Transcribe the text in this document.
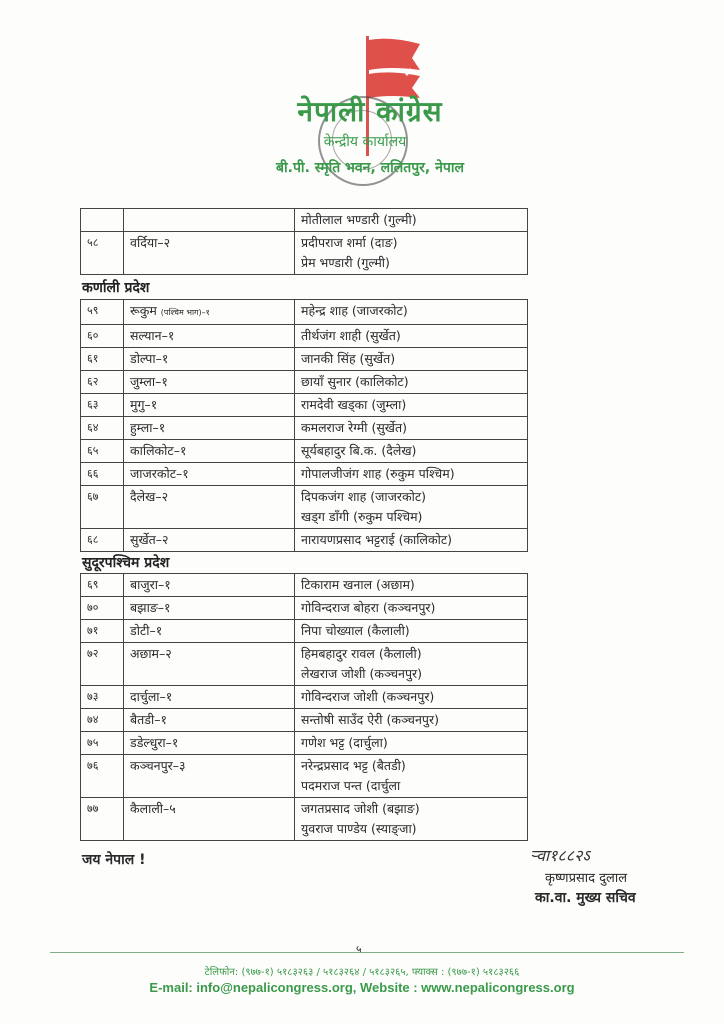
नेपाली कांग्रेस
केन्द्रीय कार्यालय
बी.पी. स्मृति भवन, ललितपुर, नेपाल

		मोतीलाल भण्डारी (गुल्मी)

५८	वर्दिया–२	प्रदीपराज शर्मा (दाङ)
प्रेम भण्डारी (गुल्मी)
कर्णाली प्रदेश
५९	रूकुम (पश्चिम भाग)–१	महेन्द्र शाह (जाजरकोट)

६०	सल्यान–१	तीर्थजंग शाही (सुर्खेत)

६१	डोल्पा–१	जानकी सिंह (सुर्खेत)

६२	जुम्ला–१	छायाँ सुनार (कालिकोट)

६३	मुगु–१	रामदेवी खड्का (जुम्ला)

६४	हुम्ला–१	कमलराज रेग्मी (सुर्खेत)

६५	कालिकोट–१	सूर्यबहादुर बि.क. (दैलेख)

६६	जाजरकोट–१	गोपालजीजंग शाह (रुकुम पश्चिम)

६७	दैलेख–२	दिपकजंग शाह (जाजरकोट)
खड्ग डाँगी (रुकुम पश्चिम)

६८	सुर्खेत–२	नारायणप्रसाद भट्टराई (कालिकोट)
सुदूरपश्चिम प्रदेश
६९	बाजुरा–१	टिकाराम खनाल (अछाम)

७०	बझाङ–१	गोविन्दराज बोहरा (कञ्चनपुर)

७१	डोटी–१	निपा चोख्याल (कैलाली)

७२	अछाम–२	हिमबहादुर रावल (कैलाली)
लेखराज जोशी (कञ्चनपुर)

७३	दार्चुला–१	गोविन्दराज जोशी (कञ्चनपुर)

७४	बैतडी–१	सन्तोषी साउँद ऐरी (कञ्चनपुर)

७५	डडेल्धुरा–१	गणेश भट्ट (दार्चुला)

७६	कञ्चनपुर–३	नरेन्द्रप्रसाद भट्ट (बैतडी)
पदमराज पन्त (दार्चुला

७७	कैलाली–५	जगतप्रसाद जोशी (बझाङ)
युवराज पाण्डेय (स्याङ्जा)
जय नेपाल !	ऱ्वा१८८२ऽ
कृष्णप्रसाद दुलाल
का.वा. मुख्य सचिव
५
टेलिफोन: (९७७-१) ५१८३२६३ / ५१८३२६४ / ५१८३२६५, फ्याक्स : (९७७-१) ५१८३२६६
E-mail: info@nepalicongress.org, Website : www.nepalicongress.org
